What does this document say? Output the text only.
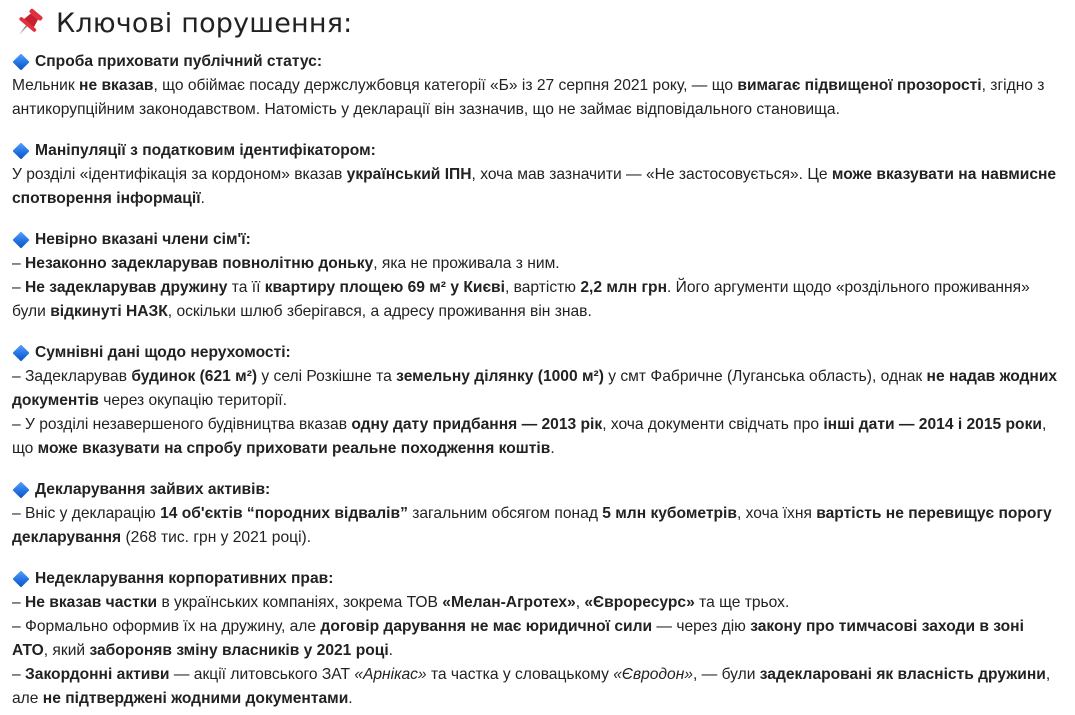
Ключові порушення:
Спроба приховати публічний статус:
Мельник не вказав, що обіймає посаду держслужбовця категорії «Б» із 27 серпня 2021 року, — що вимагає підвищеної прозорості, згідно з антикорупційним законодавством. Натомість у декларації він зазначив, що не займає відповідального становища.
Маніпуляції з податковим ідентифікатором:
У розділі «ідентифікація за кордоном» вказав український ІПН, хоча мав зазначити — «Не застосовується». Це може вказувати на навмисне спотворення інформації.
Невірно вказані члени сім'ї:
– Незаконно задекларував повнолітню доньку, яка не проживала з ним.
– Не задекларував дружину та її квартиру площею 69 м² у Києві, вартістю 2,2 млн грн. Його аргументи щодо «роздільного проживання» були відкинуті НАЗК, оскільки шлюб зберігався, а адресу проживання він знав.
Сумнівні дані щодо нерухомості:
– Задекларував будинок (621 м²) у селі Розкішне та земельну ділянку (1000 м²) у смт Фабричне (Луганська область), однак не надав жодних документів через окупацію території.
– У розділі незавершеного будівництва вказав одну дату придбання — 2013 рік, хоча документи свідчать про інші дати — 2014 і 2015 роки, що може вказувати на спробу приховати реальне походження коштів.
Декларування зайвих активів:
– Вніс у декларацію 14 об'єктів “породних відвалів” загальним обсягом понад 5 млн кубометрів, хоча їхня вартість не перевищує порогу декларування (268 тис. грн у 2021 році).
Недекларування корпоративних прав:
– Не вказав частки в українських компаніях, зокрема ТОВ «Мелан-Агротех», «Євроресурс» та ще трьох.
– Формально оформив їх на дружину, але договір дарування не має юридичної сили — через дію закону про тимчасові заходи в зоні АТО, який забороняв зміну власників у 2021 році.
– Закордонні активи — акції литовського ЗАТ «Арнікас» та частка у словацькому «Євродон», — були задекларовані як власність дружини, але не підтверджені жодними документами.
